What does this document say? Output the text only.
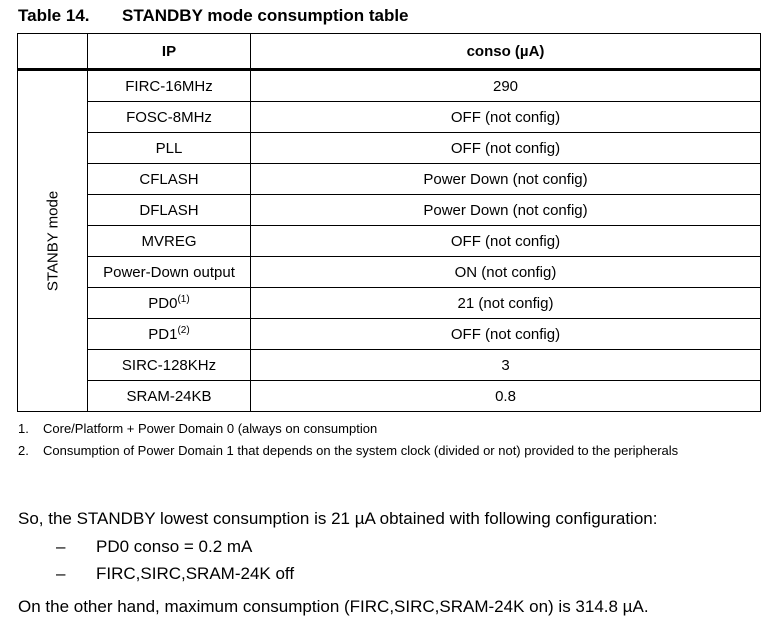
Table 14. STANDBY mode consumption table
	IP	conso (µA)

STANBY mode	FIRC-16MHz	290
	FOSC-8MHz	OFF (not config)
	PLL	OFF (not config)
	CFLASH	Power Down (not config)
	DFLASH	Power Down (not config)
	MVREG	OFF (not config)
	Power-Down output	ON (not config)
	PD0$^{(1)}$	21 (not config)
	PD1$^{(2)}$	OFF (not config)
	SIRC-128KHz	3
	SRAM-24KB	0.8
1.	Core/Platform + Power Domain 0 (always on consumption
2.	Consumption of Power Domain 1 that depends on the system clock (divided or not) provided to the peripherals
So, the STANDBY lowest consumption is 21 µA obtained with following configuration:
– PD0 conso = 0.2 mA
– FIRC,SIRC,SRAM-24K off
On the other hand, maximum consumption (FIRC,SIRC,SRAM-24K on) is 314.8 µA.
